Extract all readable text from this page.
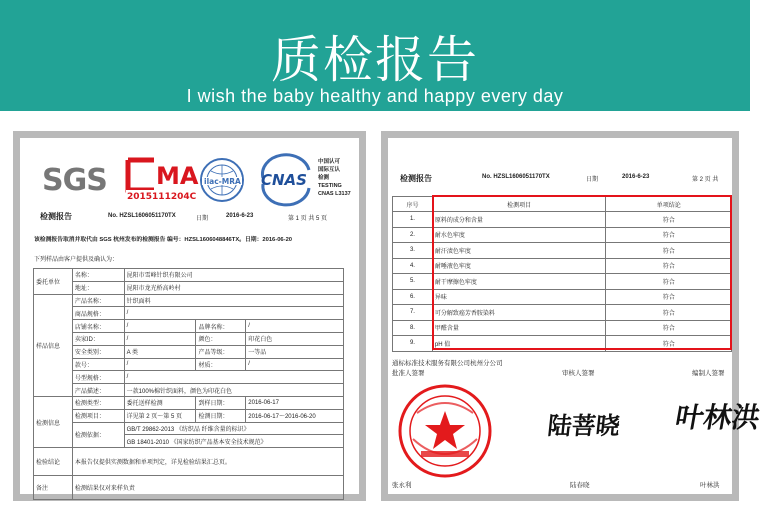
质检报告
I wish the baby healthy and happy every day
SGS MA
2015111204C
ilac-MRA CNAS
中国认可
国际互认
检测
TESTING
CNAS L3137
检测报告	No. HZSL1606051170TX	日期	2016-6-23	第 1 页 共 5 页
该检测报告取消并取代由 SGS 杭州发布的检测报告 编号：HZSL1606048846TX。日期：2016-06-20
下列样品由客户提供及确认为：
委托单位	名称：	昆阳市雪峰针织有限公司		
	地址：	昆阳市龙光桥高岭村		
样品信息	产品名称：	针织面料		
	商品规格：	/		
	店铺名称：	/	品牌名称：	/
	卖家ID：	/	颜色：	印花白色
	安全类别：	A 类	产品等级：	一等品
	款号：	/	材质：	/
	号型规格：	/		
	产品描述：	一款100%棉针织面料，颜色为印花白色		
检测信息	检测类型：	委托送样检测	到样日期：	2016-06-17
	检测项目：	详见第 2 页～第 5 页	检测日期：	2016-06-17～2016-06-20
	检测依据：	GB/T 29862-2013 《纺织品 纤维含量的标识》		
		GB 18401-2010 《国家纺织产品基本安全技术规范》		
检验结论	本报告仅提供实测数据和单项判定，详见检验结果汇总页。			
备注	检测结果仅对来样负责			
检测报告	No. HZSL1606051170TX	日期	2016-6-23	第 2 页 共
序号	检测项目	单项结论
1.	原料的成分和含量	符合
2.	耐水色牢度	符合
3.	耐汗渍色牢度	符合
4.	耐唾液色牢度	符合
5.	耐干摩擦色牢度	符合
6.	异味	符合
7.	可分解致癌芳香胺染料	符合
8.	甲醛含量	符合
9.	pH 值	符合
通标标准技术服务有限公司杭州分公司
批准人签署	审核人签署	编制人签署
陆菩晓 叶林洪
张永利	陆春晓	叶林洪
